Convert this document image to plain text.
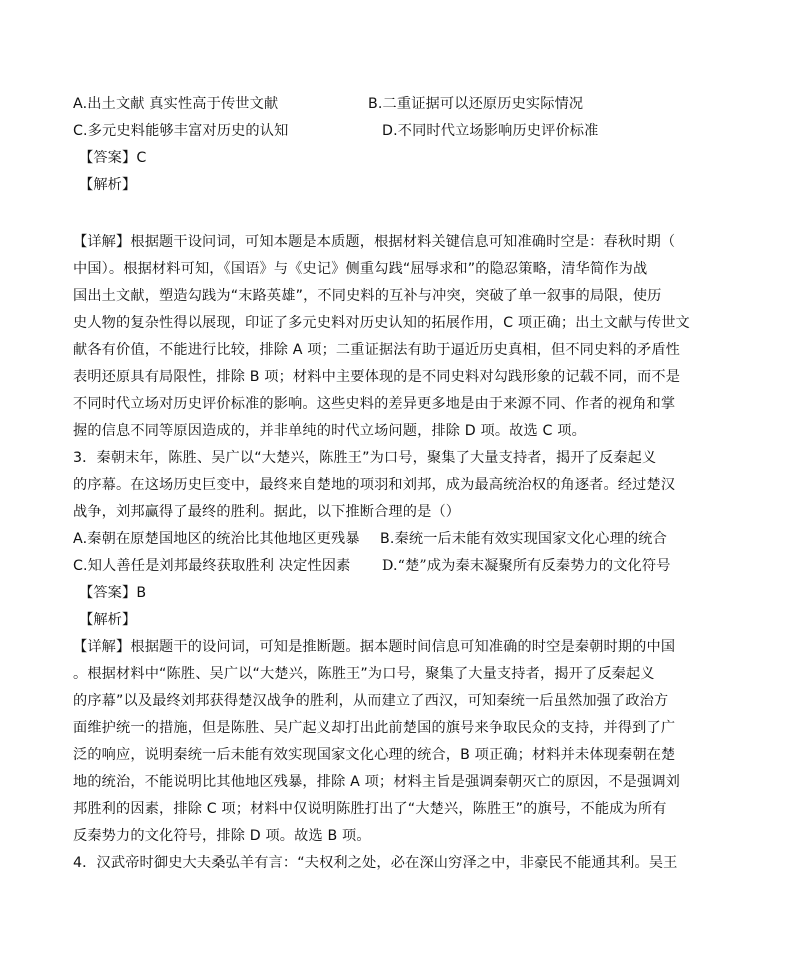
A.出土文献 真实性高于传世文献	B.二重证据可以还原历史实际情况
C.多元史料能够丰富对历史的认知	D.不同时代立场影响历史评价标准
【答案】C
【解析】
【详解】根据题干设问词，可知本题是本质题，根据材料关键信息可知准确时空是：春秋时期（
中国）。根据材料可知，《国语》与《史记》侧重勾践“屈辱求和”的隐忍策略，清华简作为战
国出土文献，塑造勾践为“末路英雄”，不同史料的互补与冲突，突破了单一叙事的局限，使历
史人物的复杂性得以展现，印证了多元史料对历史认知的拓展作用，C 项正确；出土文献与传世文
献各有价值，不能进行比较，排除 A 项；二重证据法有助于逼近历史真相，但不同史料的矛盾性
表明还原具有局限性，排除 B 项；材料中主要体现的是不同史料对勾践形象的记载不同，而不是
不同时代立场对历史评价标准的影响。这些史料的差异更多地是由于来源不同、作者的视角和掌
握的信息不同等原因造成的，并非单纯的时代立场问题，排除 D 项。故选 C 项。
3．秦朝末年，陈胜、吴广以“大楚兴，陈胜王”为口号，聚集了大量支持者，揭开了反秦起义
的序幕。在这场历史巨变中，最终来自楚地的项羽和刘邦，成为最高统治权的角逐者。经过楚汉
战争，刘邦赢得了最终的胜利。据此，以下推断合理的是（）
A.秦朝在原楚国地区的统治比其他地区更残暴 B.秦统一后未能有效实现国家文化心理的统合
C.知人善任是刘邦最终获取胜利 决定性因素 D.“楚”成为秦末凝聚所有反秦势力的文化符号
【答案】B
【解析】
【详解】根据题干的设问词，可知是推断题。据本题时间信息可知准确的时空是秦朝时期的中国
。根据材料中“陈胜、吴广以“大楚兴，陈胜王”为口号，聚集了大量支持者，揭开了反秦起义
的序幕”以及最终刘邦获得楚汉战争的胜利，从而建立了西汉，可知秦统一后虽然加强了政治方
面维护统一的措施，但是陈胜、吴广起义却打出此前楚国的旗号来争取民众的支持，并得到了广
泛的响应，说明秦统一后未能有效实现国家文化心理的统合，B 项正确；材料并未体现秦朝在楚
地的统治，不能说明比其他地区残暴，排除 A 项；材料主旨是强调秦朝灭亡的原因，不是强调刘
邦胜利的因素，排除 C 项；材料中仅说明陈胜打出了“大楚兴，陈胜王”的旗号，不能成为所有
反秦势力的文化符号，排除 D 项。故选 B 项。
4．汉武帝时御史大夫桑弘羊有言：“夫权利之处，必在深山穷泽之中，非豪民不能通其利。吴王
